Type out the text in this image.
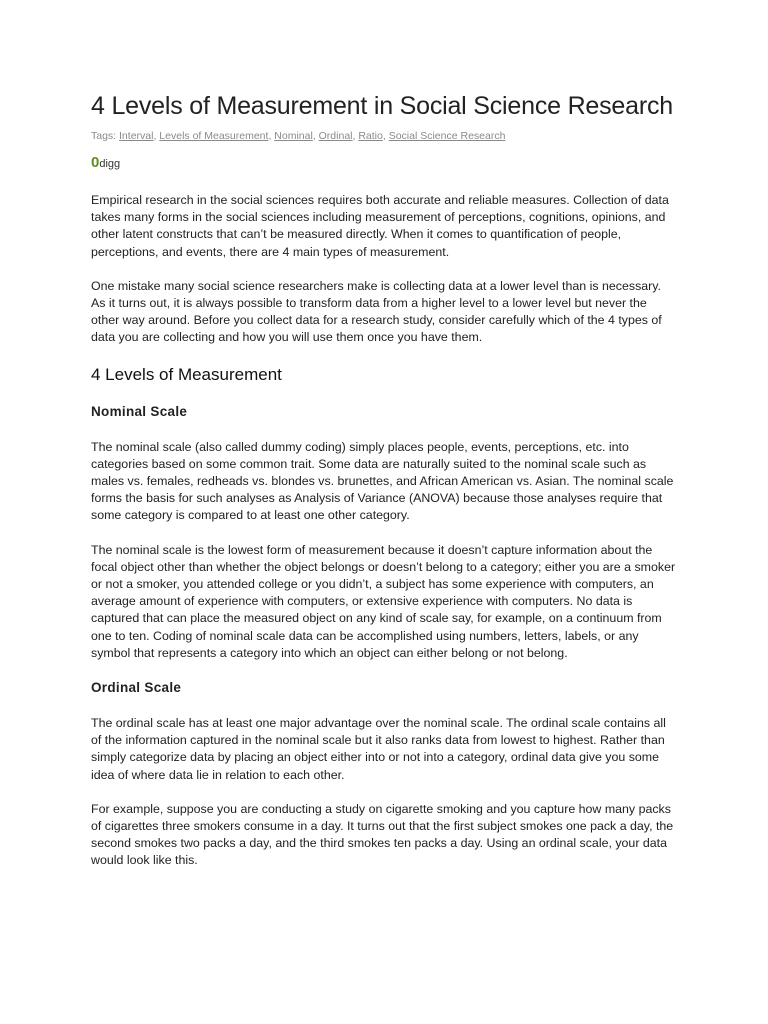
4 Levels of Measurement in Social Science Research
Tags: Interval, Levels of Measurement, Nominal, Ordinal, Ratio, Social Science Research
0digg

Empirical research in the social sciences requires both accurate and reliable measures. Collection of data takes many forms in the social sciences including measurement of perceptions, cognitions, opinions, and other latent constructs that can’t be measured directly. When it comes to quantification of people, perceptions, and events, there are 4 main types of measurement.

One mistake many social science researchers make is collecting data at a lower level than is necessary. As it turns out, it is always possible to transform data from a higher level to a lower level but never the other way around. Before you collect data for a research study, consider carefully which of the 4 types of data you are collecting and how you will use them once you have them.

4 Levels of Measurement
Nominal Scale

The nominal scale (also called dummy coding) simply places people, events, perceptions, etc. into categories based on some common trait. Some data are naturally suited to the nominal scale such as males vs. females, redheads vs. blondes vs. brunettes, and African American vs. Asian. The nominal scale forms the basis for such analyses as Analysis of Variance (ANOVA) because those analyses require that some category is compared to at least one other category.

The nominal scale is the lowest form of measurement because it doesn’t capture information about the focal object other than whether the object belongs or doesn’t belong to a category; either you are a smoker or not a smoker, you attended college or you didn’t, a subject has some experience with computers, an average amount of experience with computers, or extensive experience with computers. No data is captured that can place the measured object on any kind of scale say, for example, on a continuum from one to ten. Coding of nominal scale data can be accomplished using numbers, letters, labels, or any symbol that represents a category into which an object can either belong or not belong.

Ordinal Scale

The ordinal scale has at least one major advantage over the nominal scale. The ordinal scale contains all of the information captured in the nominal scale but it also ranks data from lowest to highest. Rather than simply categorize data by placing an object either into or not into a category, ordinal data give you some idea of where data lie in relation to each other.

For example, suppose you are conducting a study on cigarette smoking and you capture how many packs of cigarettes three smokers consume in a day. It turns out that the first subject smokes one pack a day, the second smokes two packs a day, and the third smokes ten packs a day. Using an ordinal scale, your data would look like this.
